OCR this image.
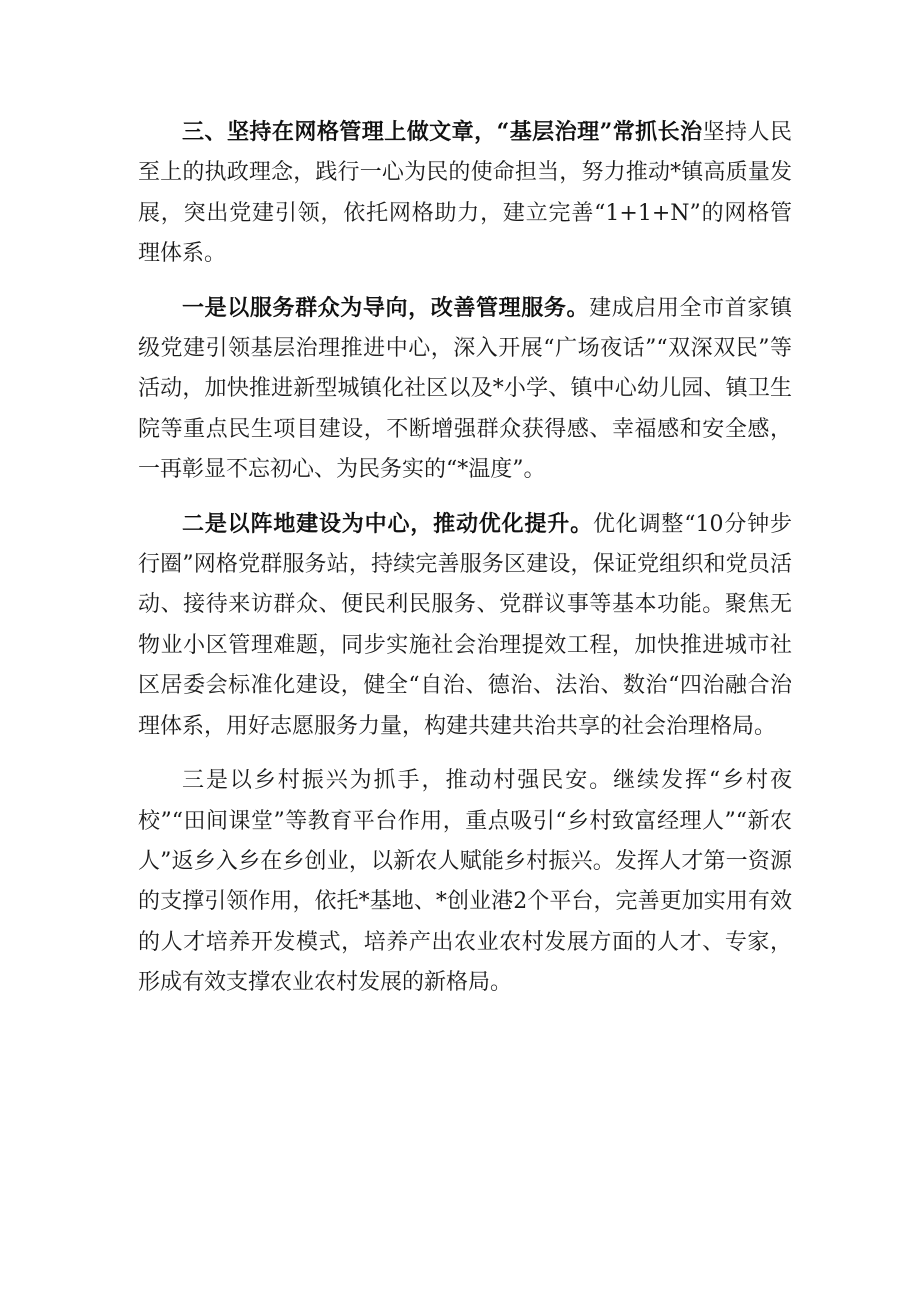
三、坚持在网格管理上做文章，“基层治理”常抓长治坚持人民至上的执政理念，践行一心为民的使命担当，努力推动*镇高质量发展，突出党建引领，依托网格助力，建立完善“1+1+N”的网格管理体系。

一是以服务群众为导向，改善管理服务。建成启用全市首家镇级党建引领基层治理推进中心，深入开展“广场夜话”“双深双民”等活动，加快推进新型城镇化社区以及*小学、镇中心幼儿园、镇卫生院等重点民生项目建设，不断增强群众获得感、幸福感和安全感，一再彰显不忘初心、为民务实的“*温度”。

二是以阵地建设为中心，推动优化提升。优化调整“10分钟步行圈”网格党群服务站，持续完善服务区建设，保证党组织和党员活动、接待来访群众、便民利民服务、党群议事等基本功能。聚焦无物业小区管理难题，同步实施社会治理提效工程，加快推进城市社区居委会标准化建设，健全“自治、德治、法治、数治“四治融合治理体系，用好志愿服务力量，构建共建共治共享的社会治理格局。

三是以乡村振兴为抓手，推动村强民安。继续发挥“乡村夜校”“田间课堂”等教育平台作用，重点吸引“乡村致富经理人”“新农人”返乡入乡在乡创业，以新农人赋能乡村振兴。发挥人才第一资源的支撑引领作用，依托*基地、*创业港2个平台，完善更加实用有效的人才培养开发模式，培养产出农业农村发展方面的人才、专家，形成有效支撑农业农村发展的新格局。
